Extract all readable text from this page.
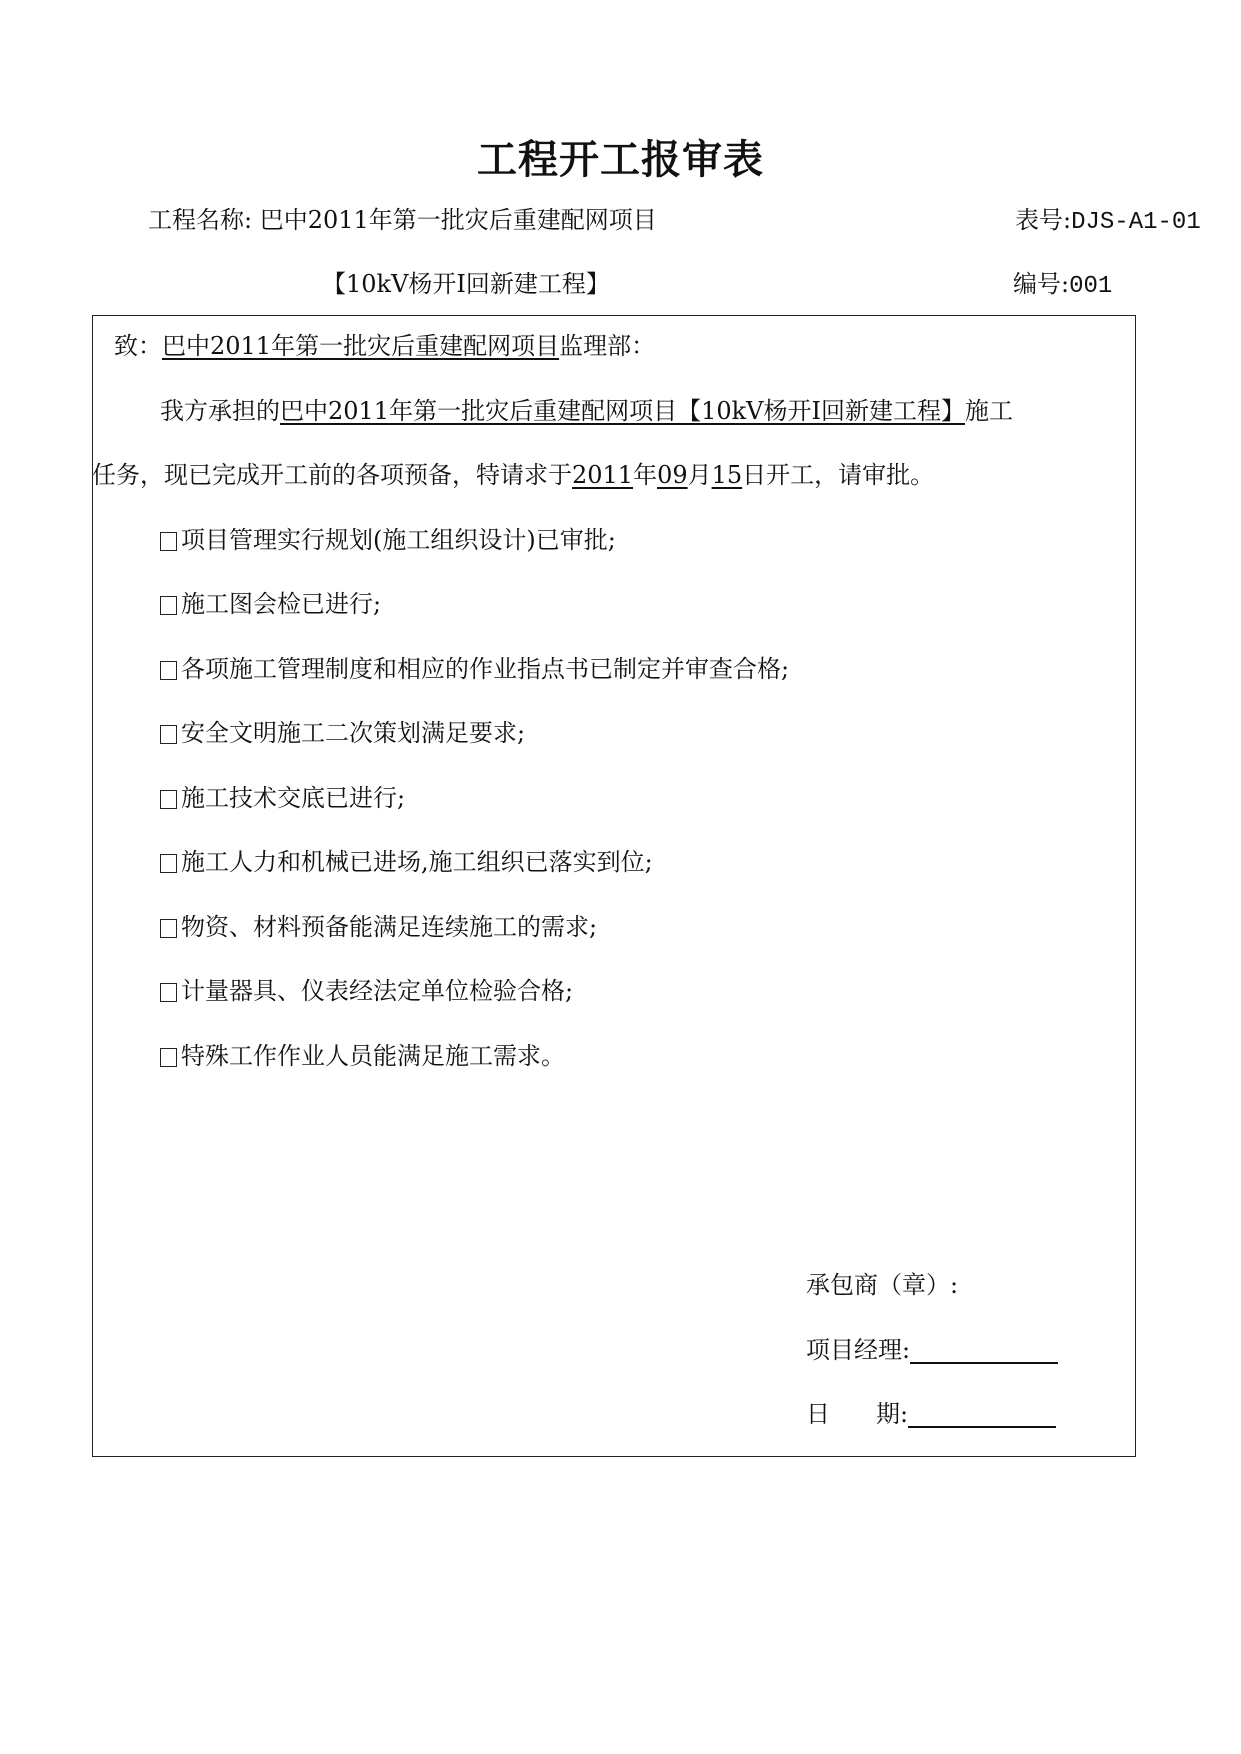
工程开工报审表
工程名称: 巴中2011年第一批灾后重建配网项目	表号:DJS-A1-01
【10kV杨开Ⅰ回新建工程】	编号:001
致：巴中2011年第一批灾后重建配网项目监理部：
我方承担的巴中2011年第一批灾后重建配网项目【10kV杨开Ⅰ回新建工程】施工
任务，现已完成开工前的各项预备，特请求于2011年09月15日开工，请审批。
项目管理实行规划(施工组织设计)已审批;
施工图会检已进行;
各项施工管理制度和相应的作业指点书已制定并审查合格;
安全文明施工二次策划满足要求;
施工技术交底已进行;
施工人力和机械已进场,施工组织已落实到位;
物资、材料预备能满足连续施工的需求;
计量器具、仪表经法定单位检验合格;
特殊工作作业人员能满足施工需求。
承包商（章）:
项目经理:
日 期:
